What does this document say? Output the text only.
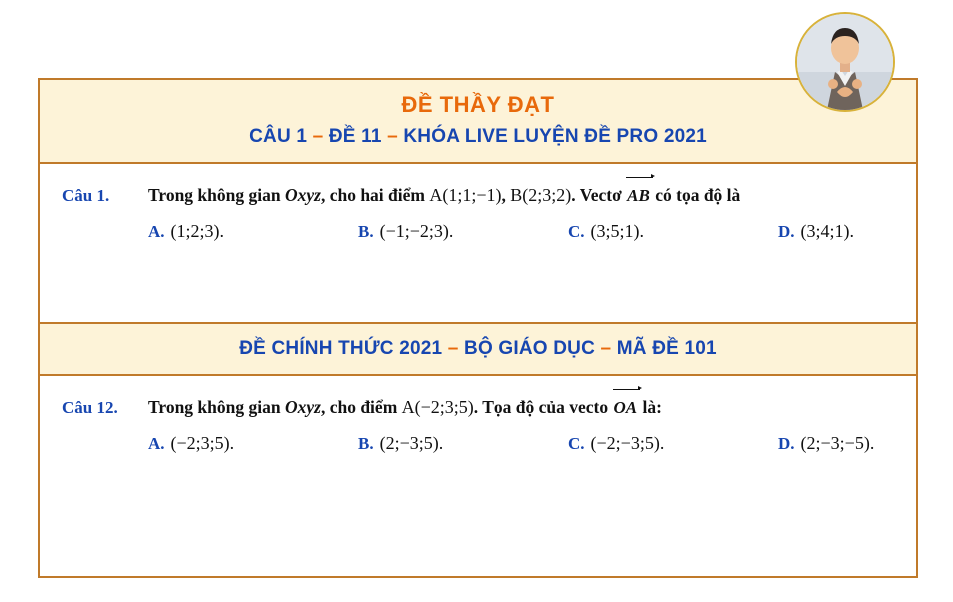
ĐỀ THẦY ĐẠT
CÂU 1 – ĐỀ 11 – KHÓA LIVE LUYỆN ĐỀ PRO 2021
Câu 1.	Trong không gian Oxyz, cho hai điểm A(1;1;−1), B(2;3;2). Vectơ AB có tọa độ là
A. (1;2;3).	B. (−1;−2;3).	C. (3;5;1).	D. (3;4;1).
ĐỀ CHÍNH THỨC 2021 – BỘ GIÁO DỤC – MÃ ĐỀ 101
Câu 12.	Trong không gian Oxyz, cho điểm A(−2;3;5). Tọa độ của vecto OA là:
A. (−2;3;5).	B. (2;−3;5).	C. (−2;−3;5).	D. (2;−3;−5).
